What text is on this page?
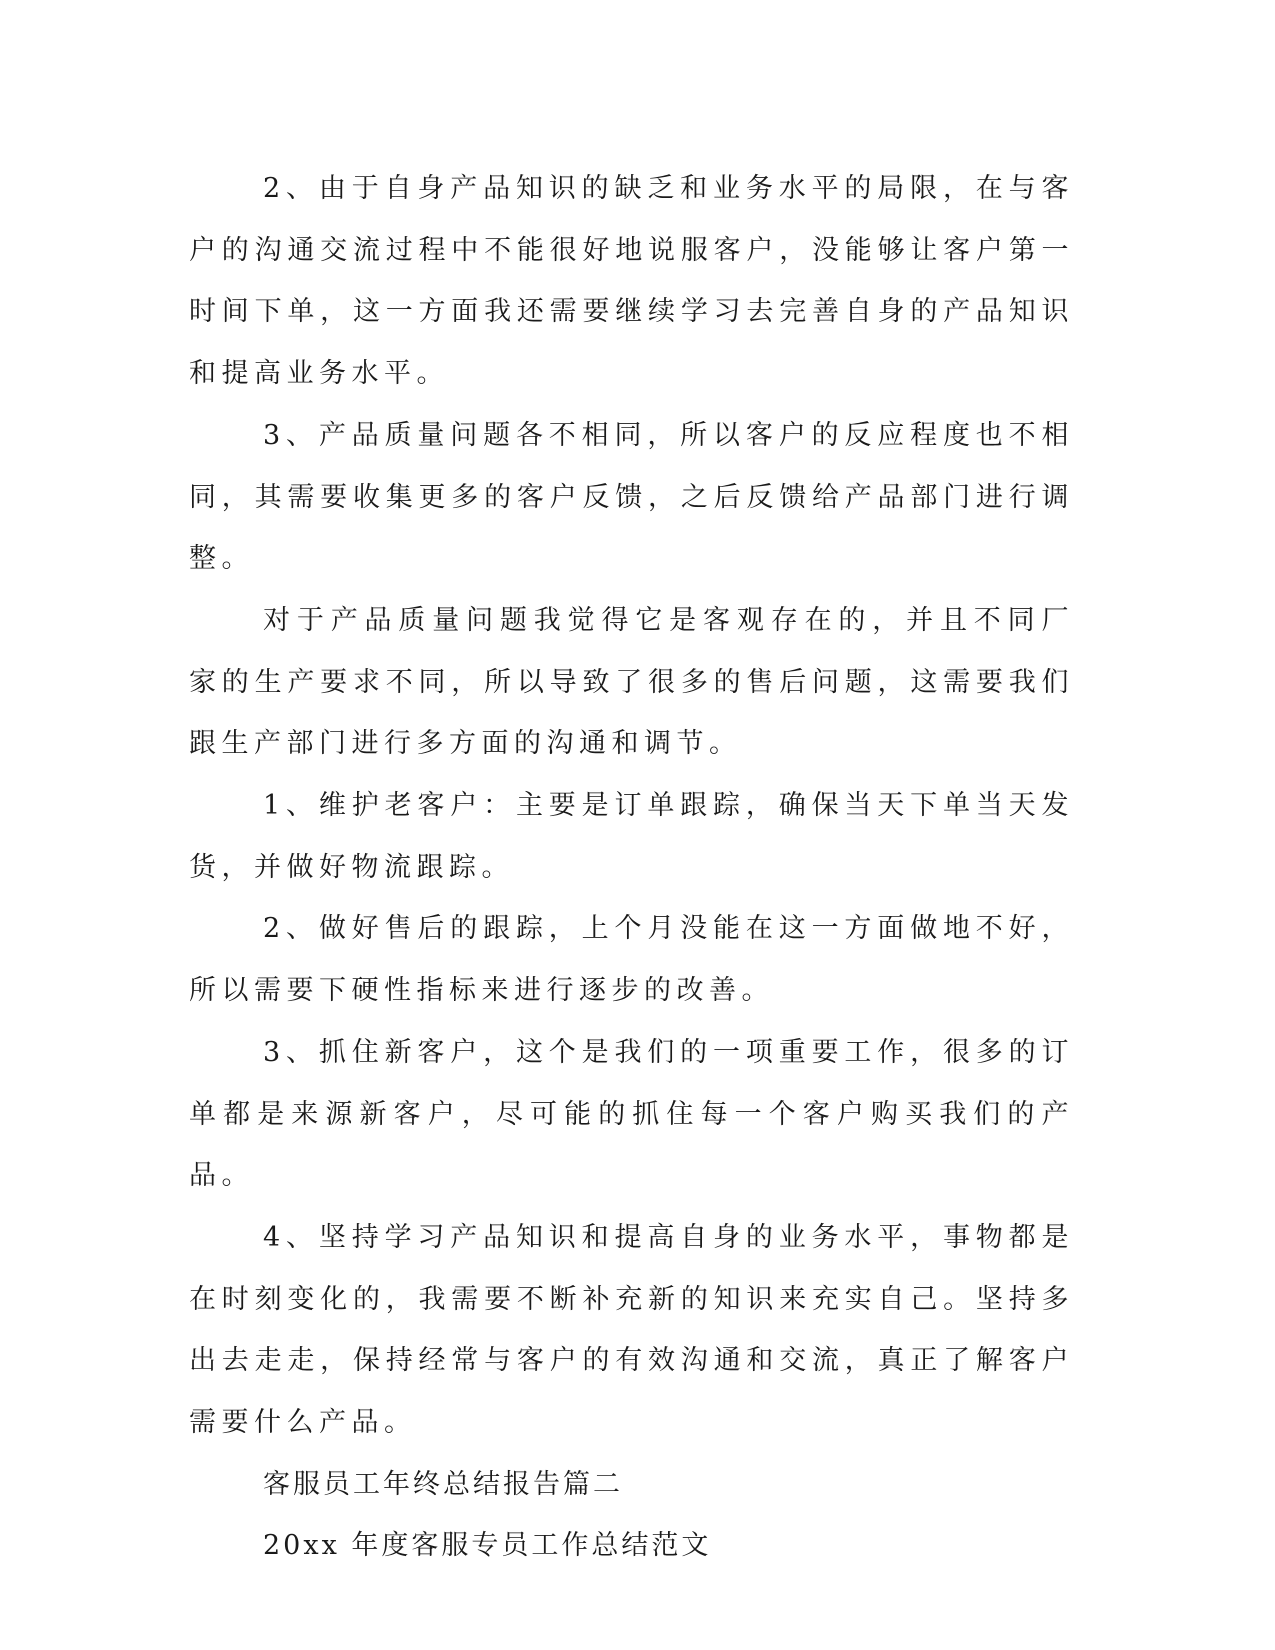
2、由于自身产品知识的缺乏和业务水平的局限，在与客户的沟通交流过程中不能很好地说服客户，没能够让客户第一时间下单，这一方面我还需要继续学习去完善自身的产品知识和提高业务水平。

3、产品质量问题各不相同，所以客户的反应程度也不相同，其需要收集更多的客户反馈，之后反馈给产品部门进行调整。

对于产品质量问题我觉得它是客观存在的，并且不同厂家的生产要求不同，所以导致了很多的售后问题，这需要我们跟生产部门进行多方面的沟通和调节。

1、维护老客户：主要是订单跟踪，确保当天下单当天发货，并做好物流跟踪。

2、做好售后的跟踪，上个月没能在这一方面做地不好，所以需要下硬性指标来进行逐步的改善。

3、抓住新客户，这个是我们的一项重要工作，很多的订单都是来源新客户，尽可能的抓住每一个客户购买我们的产品。

4、坚持学习产品知识和提高自身的业务水平，事物都是在时刻变化的，我需要不断补充新的知识来充实自己。坚持多出去走走，保持经常与客户的有效沟通和交流，真正了解客户需要什么产品。

客服员工年终总结报告篇二

20xx 年度客服专员工作总结范文
